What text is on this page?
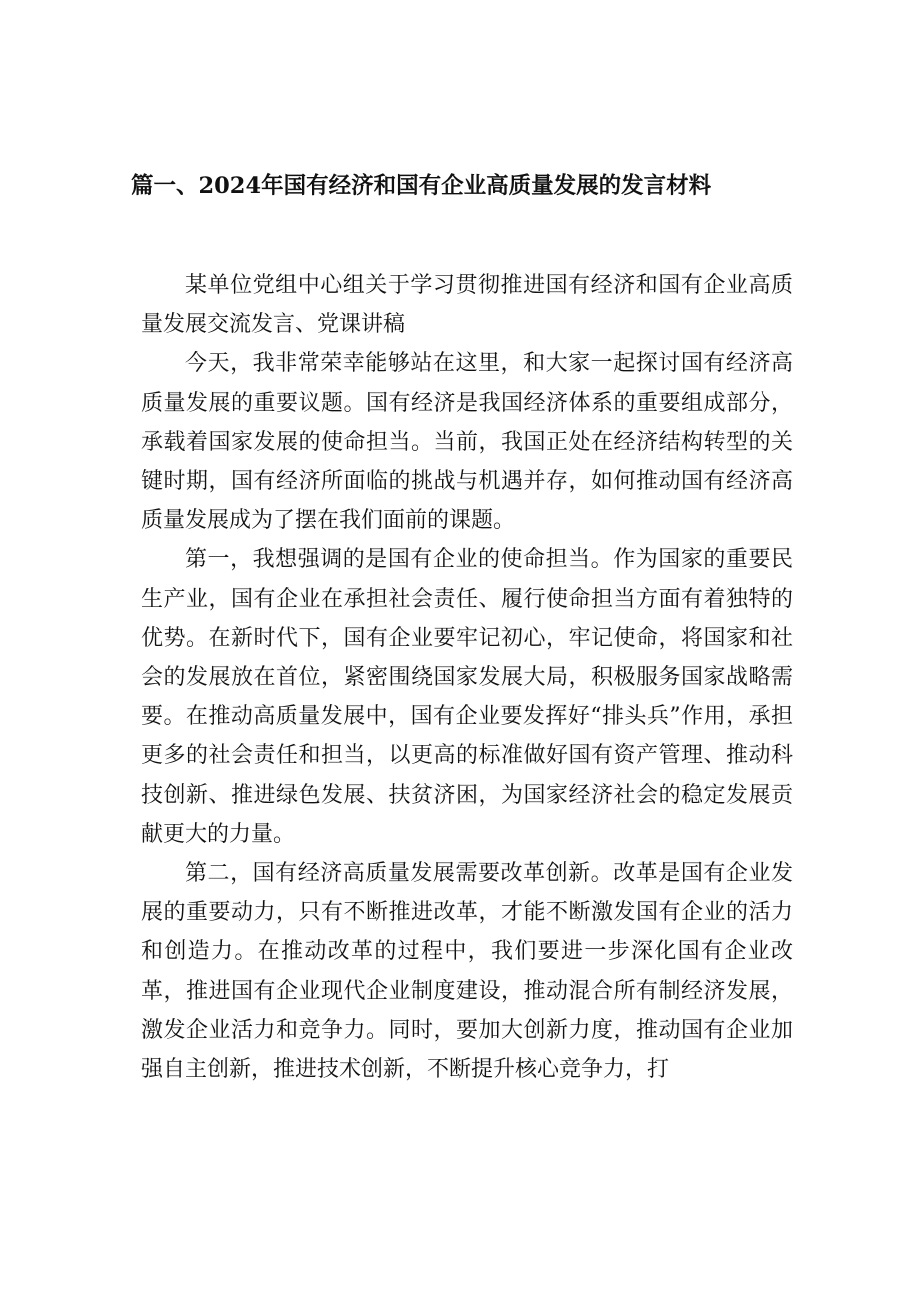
篇一、2024年国有经济和国有企业高质量发展的发言材料

某单位党组中心组关于学习贯彻推进国有经济和国有企业高质量发展交流发言、党课讲稿

今天，我非常荣幸能够站在这里，和大家一起探讨国有经济高质量发展的重要议题。国有经济是我国经济体系的重要组成部分，承载着国家发展的使命担当。当前，我国正处在经济结构转型的关键时期，国有经济所面临的挑战与机遇并存，如何推动国有经济高质量发展成为了摆在我们面前的课题。

第一，我想强调的是国有企业的使命担当。作为国家的重要民生产业，国有企业在承担社会责任、履行使命担当方面有着独特的优势。在新时代下，国有企业要牢记初心，牢记使命，将国家和社会的发展放在首位，紧密围绕国家发展大局，积极服务国家战略需要。在推动高质量发展中，国有企业要发挥好“排头兵”作用，承担更多的社会责任和担当，以更高的标准做好国有资产管理、推动科技创新、推进绿色发展、扶贫济困，为国家经济社会的稳定发展贡献更大的力量。

第二，国有经济高质量发展需要改革创新。改革是国有企业发展的重要动力，只有不断推进改革，才能不断激发国有企业的活力和创造力。在推动改革的过程中，我们要进一步深化国有企业改革，推进国有企业现代企业制度建设，推动混合所有制经济发展，激发企业活力和竞争力。同时，要加大创新力度，推动国有企业加强自主创新，推进技术创新，不断提升核心竞争力，打
